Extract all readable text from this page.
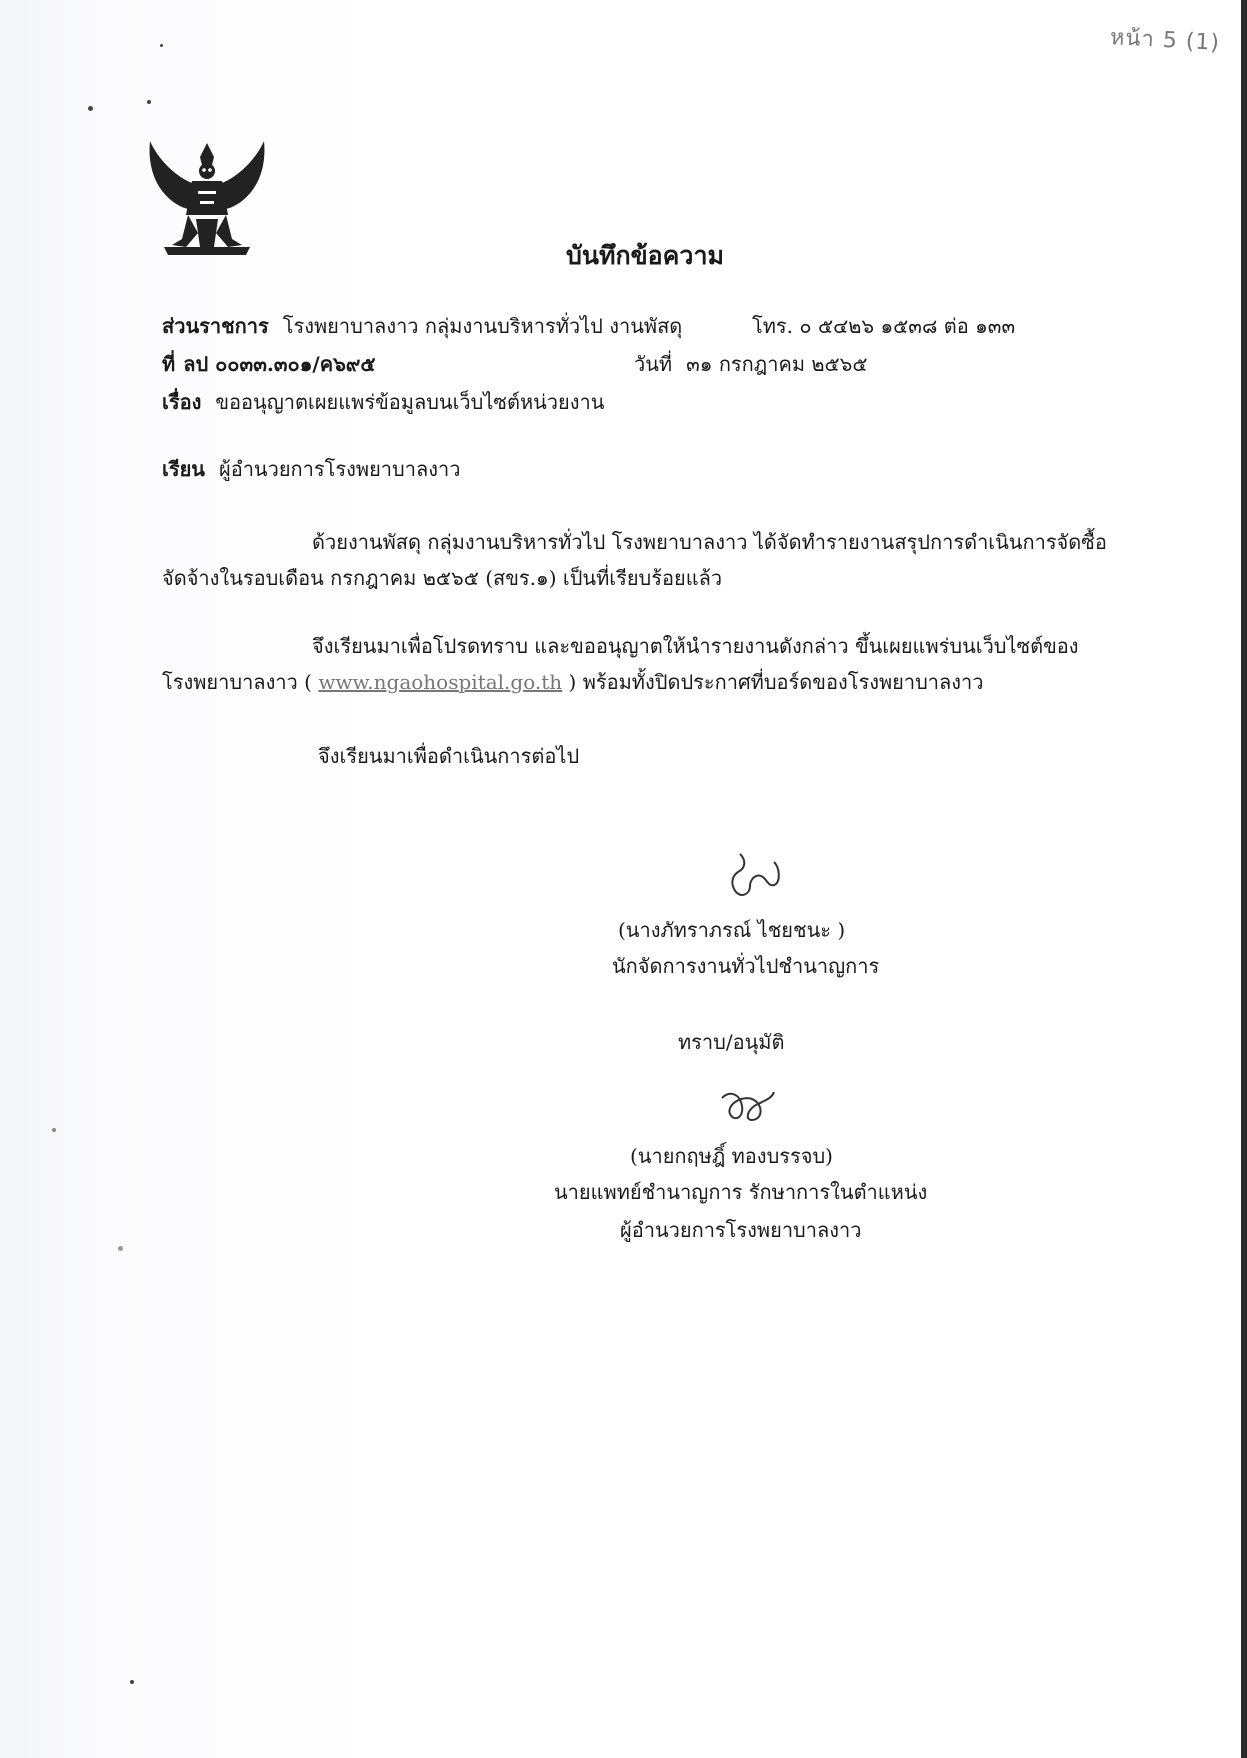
หน้า 5 (1)
บันทึกข้อความ
ส่วนราชการ โรงพยาบาลงาว กลุ่มงานบริหารทั่วไป งานพัสดุ	โทร. ๐ ๕๔๒๖ ๑๕๓๘ ต่อ ๑๓๓
ที่ ลป ๐๐๓๓.๓๐๑/ค๖๙๕	วันที่ ๓๑ กรกฎาคม ๒๕๖๕
เรื่อง ขออนุญาตเผยแพร่ข้อมูลบนเว็บไซต์หน่วยงาน
เรียน ผู้อำนวยการโรงพยาบาลงาว
ด้วยงานพัสดุ กลุ่มงานบริหารทั่วไป โรงพยาบาลงาว ได้จัดทำรายงานสรุปการดำเนินการจัดซื้อ
จัดจ้างในรอบเดือน กรกฎาคม ๒๕๖๕ (สขร.๑) เป็นที่เรียบร้อยแล้ว
จึงเรียนมาเพื่อโปรดทราบ และขออนุญาตให้นำรายงานดังกล่าว ขึ้นเผยแพร่บนเว็บไซต์ของ
โรงพยาบาลงาว ( www.ngaohospital.go.th ) พร้อมทั้งปิดประกาศที่บอร์ดของโรงพยาบาลงาว
จึงเรียนมาเพื่อดำเนินการต่อไป
(นางภัทราภรณ์ ไชยชนะ )
นักจัดการงานทั่วไปชำนาญการ
ทราบ/อนุมัติ
(นายกฤษฎิ์ ทองบรรจบ)
นายแพทย์ชำนาญการ รักษาการในตำแหน่ง
ผู้อำนวยการโรงพยาบาลงาว
